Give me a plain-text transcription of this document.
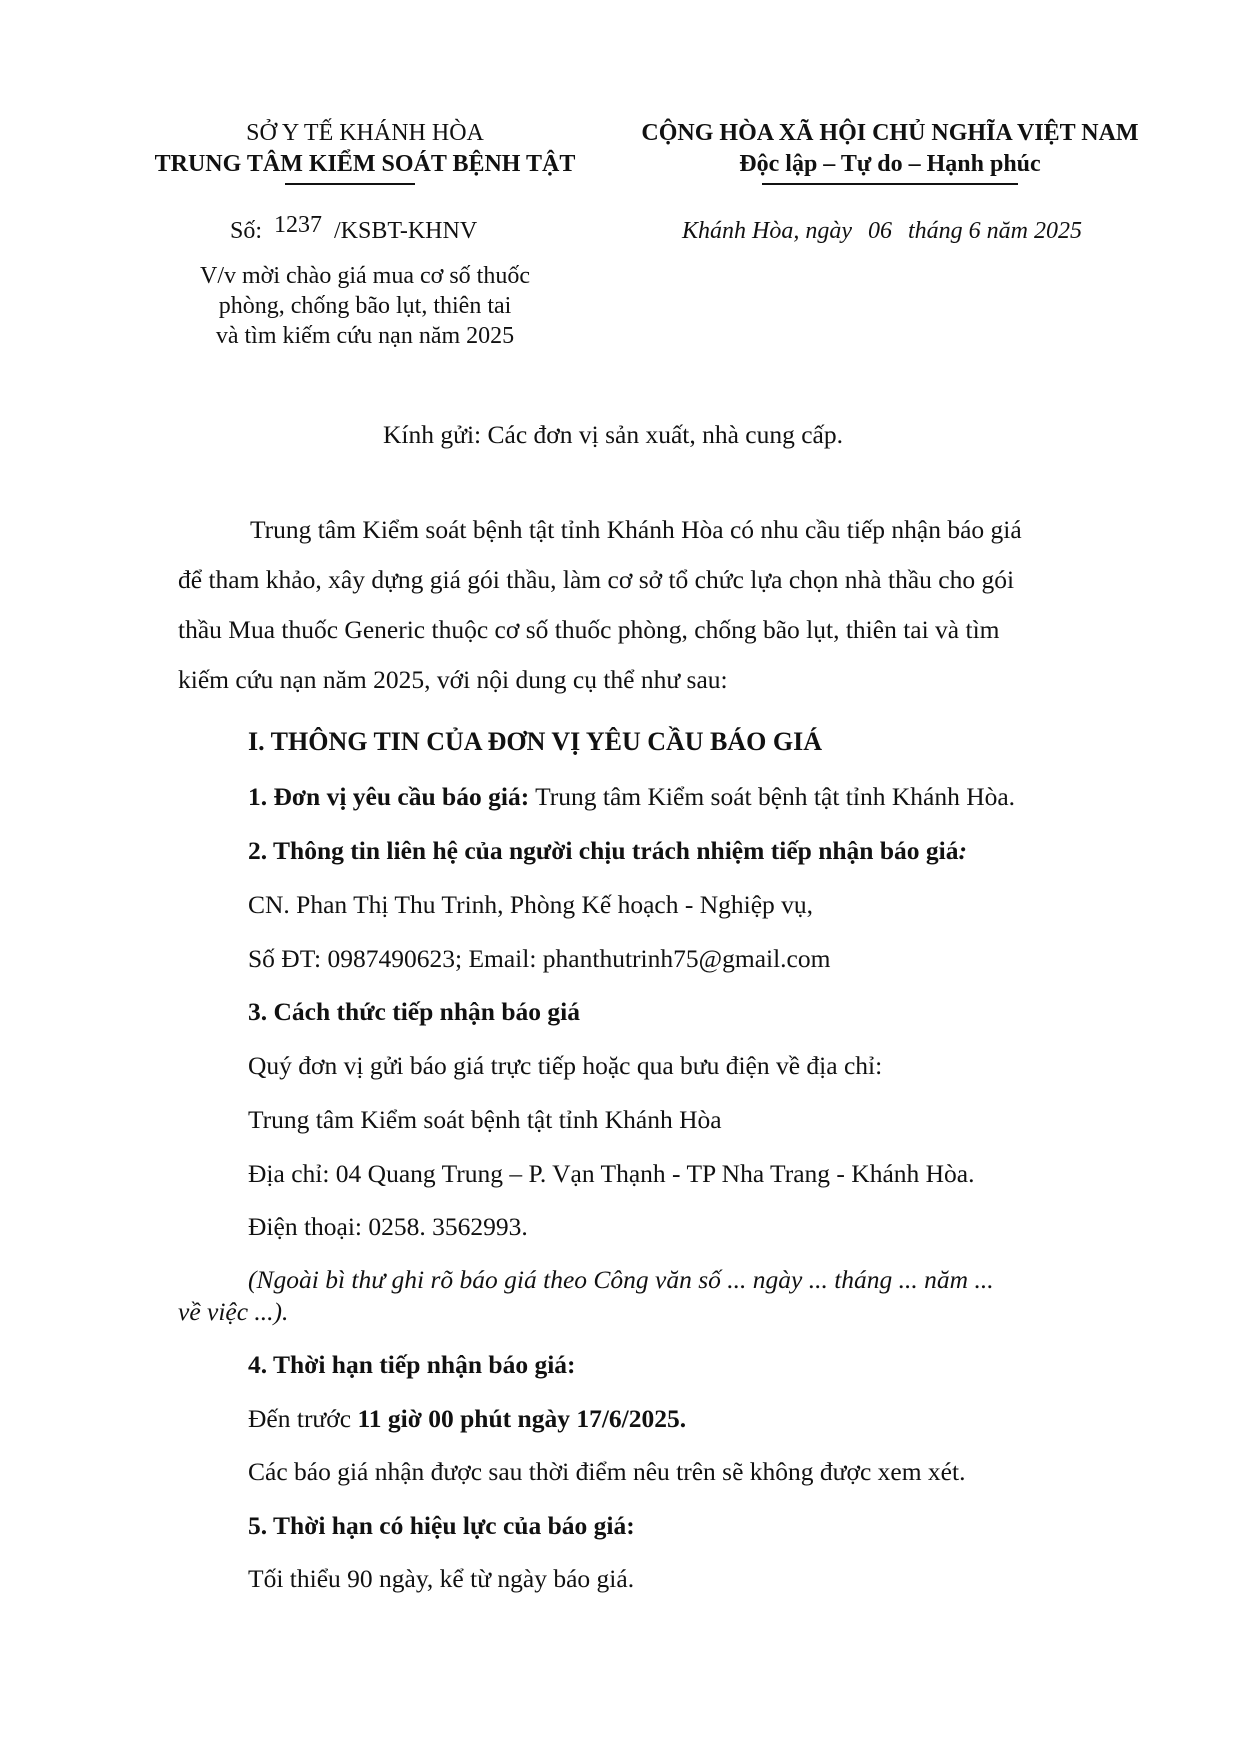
SỞ Y TẾ KHÁNH HÒA
TRUNG TÂM KIỂM SOÁT BỆNH TẬT
Số: 1237 /KSBT-KHNV
V/v mời chào giá mua cơ số thuốc
phòng, chống bão lụt, thiên tai
và tìm kiếm cứu nạn năm 2025
CỘNG HÒA XÃ HỘI CHỦ NGHĨA VIỆT NAM
Độc lập – Tự do – Hạnh phúc
Khánh Hòa, ngày 06 tháng 6 năm 2025
Kính gửi: Các đơn vị sản xuất, nhà cung cấp.
Trung tâm Kiểm soát bệnh tật tỉnh Khánh Hòa có nhu cầu tiếp nhận báo giá
để tham khảo, xây dựng giá gói thầu, làm cơ sở tổ chức lựa chọn nhà thầu cho gói
thầu Mua thuốc Generic thuộc cơ số thuốc phòng, chống bão lụt, thiên tai và tìm
kiếm cứu nạn năm 2025, với nội dung cụ thể như sau:
I. THÔNG TIN CỦA ĐƠN VỊ YÊU CẦU BÁO GIÁ
1. Đơn vị yêu cầu báo giá: Trung tâm Kiểm soát bệnh tật tỉnh Khánh Hòa.
2. Thông tin liên hệ của người chịu trách nhiệm tiếp nhận báo giá:
CN. Phan Thị Thu Trinh, Phòng Kế hoạch - Nghiệp vụ,
Số ĐT: 0987490623; Email: phanthutrinh75@gmail.com
3. Cách thức tiếp nhận báo giá
Quý đơn vị gửi báo giá trực tiếp hoặc qua bưu điện về địa chỉ:
Trung tâm Kiểm soát bệnh tật tỉnh Khánh Hòa
Địa chỉ: 04 Quang Trung – P. Vạn Thạnh - TP Nha Trang - Khánh Hòa.
Điện thoại: 0258. 3562993.
(Ngoài bì thư ghi rõ báo giá theo Công văn số ... ngày ... tháng ... năm ...
về việc ...).
4. Thời hạn tiếp nhận báo giá:
Đến trước 11 giờ 00 phút ngày 17/6/2025.
Các báo giá nhận được sau thời điểm nêu trên sẽ không được xem xét.
5. Thời hạn có hiệu lực của báo giá:
Tối thiểu 90 ngày, kể từ ngày báo giá.
